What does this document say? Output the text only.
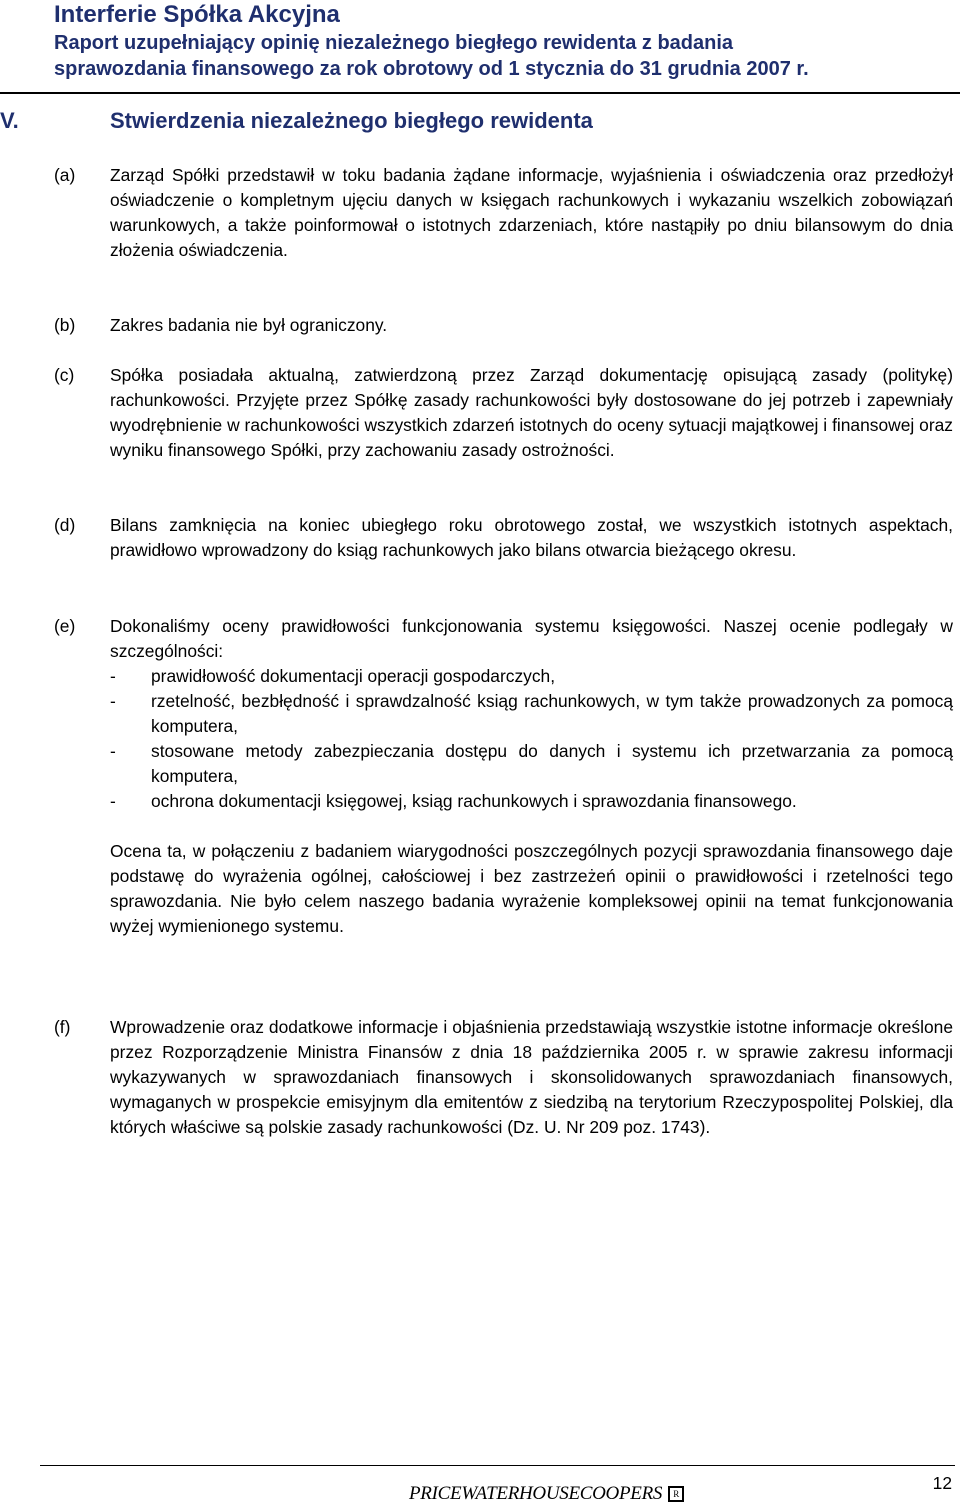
Interferie Spółka Akcyjna
Raport uzupełniający opinię niezależnego biegłego rewidenta z badania
sprawozdania finansowego za rok obrotowy od 1 stycznia do 31 grudnia 2007 r.
V.	Stwierdzenia niezależnego biegłego rewidenta
(a) Zarząd Spółki przedstawił w toku badania żądane informacje, wyjaśnienia i oświadczenia oraz przedłożył oświadczenie o kompletnym ujęciu danych w księgach rachunkowych i wykazaniu wszelkich zobowiązań warunkowych, a także poinformował o istotnych zdarzeniach, które nastąpiły po dniu bilansowym do dnia złożenia oświadczenia.
(b) Zakres badania nie był ograniczony.
(c) Spółka posiadała aktualną, zatwierdzoną przez Zarząd dokumentację opisującą zasady (politykę) rachunkowości. Przyjęte przez Spółkę zasady rachunkowości były dostosowane do jej potrzeb i zapewniały wyodrębnienie w rachunkowości wszystkich zdarzeń istotnych do oceny sytuacji majątkowej i finansowej oraz wyniku finansowego Spółki, przy zachowaniu zasady ostrożności.
(d) Bilans zamknięcia na koniec ubiegłego roku obrotowego został, we wszystkich istotnych aspektach, prawidłowo wprowadzony do ksiąg rachunkowych jako bilans otwarcia bieżącego okresu.
(e) Dokonaliśmy oceny prawidłowości funkcjonowania systemu księgowości. Naszej ocenie podlegały w szczególności:
- prawidłowość dokumentacji operacji gospodarczych,
- rzetelność, bezbłędność i sprawdzalność ksiąg rachunkowych, w tym także prowadzonych za pomocą komputera,
- stosowane metody zabezpieczania dostępu do danych i systemu ich przetwarzania za pomocą komputera,
- ochrona dokumentacji księgowej, ksiąg rachunkowych i sprawozdania finansowego.
Ocena ta, w połączeniu z badaniem wiarygodności poszczególnych pozycji sprawozdania finansowego daje podstawę do wyrażenia ogólnej, całościowej i bez zastrzeżeń opinii o prawidłowości i rzetelności tego sprawozdania. Nie było celem naszego badania wyrażenie kompleksowej opinii na temat funkcjonowania wyżej wymienionego systemu.
(f) Wprowadzenie oraz dodatkowe informacje i objaśnienia przedstawiają wszystkie istotne informacje określone przez Rozporządzenie Ministra Finansów z dnia 18 października 2005 r. w sprawie zakresu informacji wykazywanych w sprawozdaniach finansowych i skonsolidowanych sprawozdaniach finansowych, wymaganych w prospekcie emisyjnym dla emitentów z siedzibą na terytorium Rzeczypospolitej Polskiej, dla których właściwe są polskie zasady rachunkowości (Dz. U. Nr 209 poz. 1743).
12
PRICEWATERHOUSECOOPERS	R
